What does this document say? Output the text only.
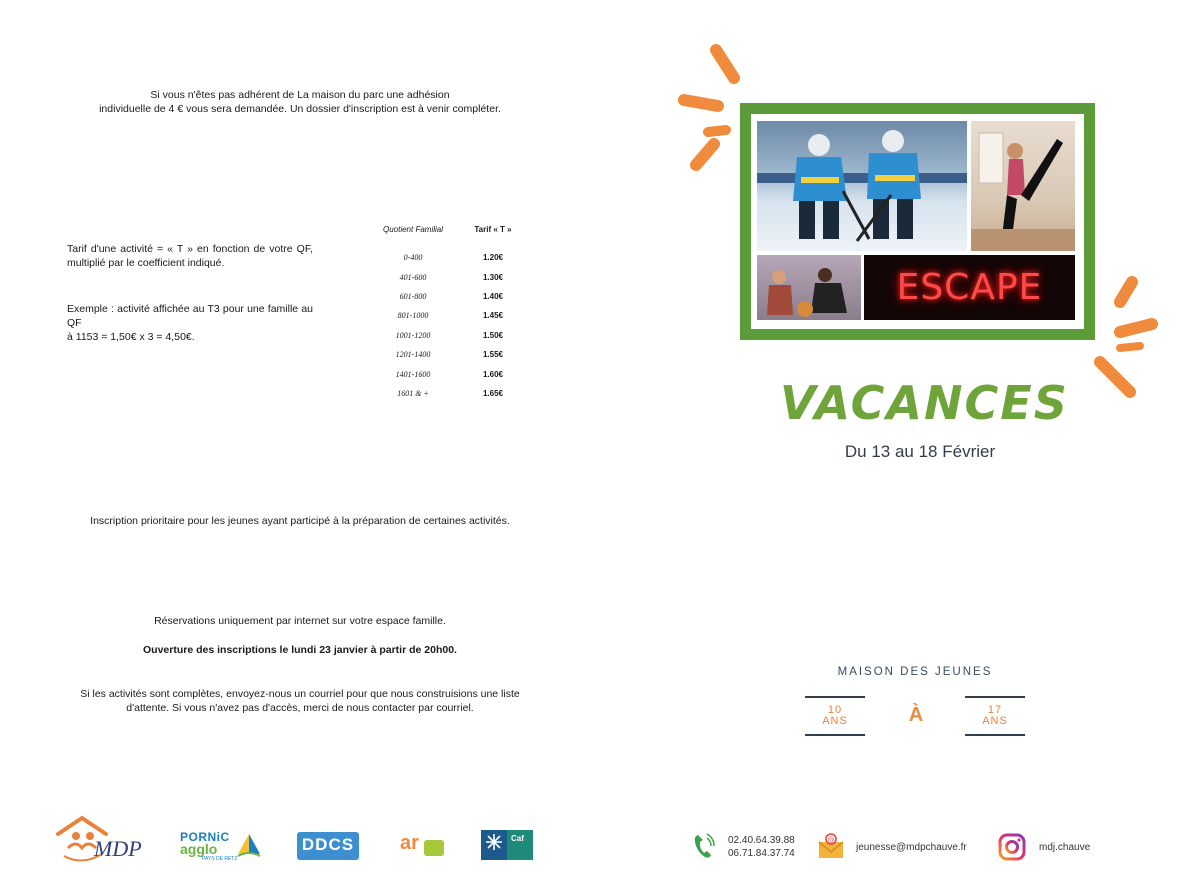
Si vous n'êtes pas adhérent de La maison du parc une adhésion
individuelle de 4 € vous sera demandée. Un dossier d'inscription est à venir compléter.
Tarif d'une activité = « T » en fonction de votre QF, multiplié par le coefficient indiqué.
Exemple : activité affichée au T3 pour une famille au QF
à 1153 = 1,50€ x 3 = 4,50€.
Quotient Familial	Tarif « T »
0-400	1.20€
401-600	1.30€
601-800	1.40€
801-1000	1.45€
1001-1200	1.50€
1201-1400	1.55€
1401-1600	1.60€
1601 & +	1.65€
Inscription prioritaire pour les jeunes ayant participé à la préparation de certaines activités.
Réservations uniquement par internet sur votre espace famille.
Ouverture des inscriptions le lundi 23 janvier à partir de 20h00.
Si les activités sont complètes, envoyez-nous un courriel pour que nous construisions une liste d'attente. Si vous n'avez pas d'accès, merci de nous contacter par courriel.
MDP	PORNiC
agglo
PAYS DE RETZ
DDCS ar	Caf
ESCAPE
VACANCES
Du 13 au 18 Février
MAISON DES JEUNES
10
ANS	À	17
ANS
02.40.64.39.88
06.71.84.37.74
@
jeunesse@mdpchauve.fr	mdj.chauve
